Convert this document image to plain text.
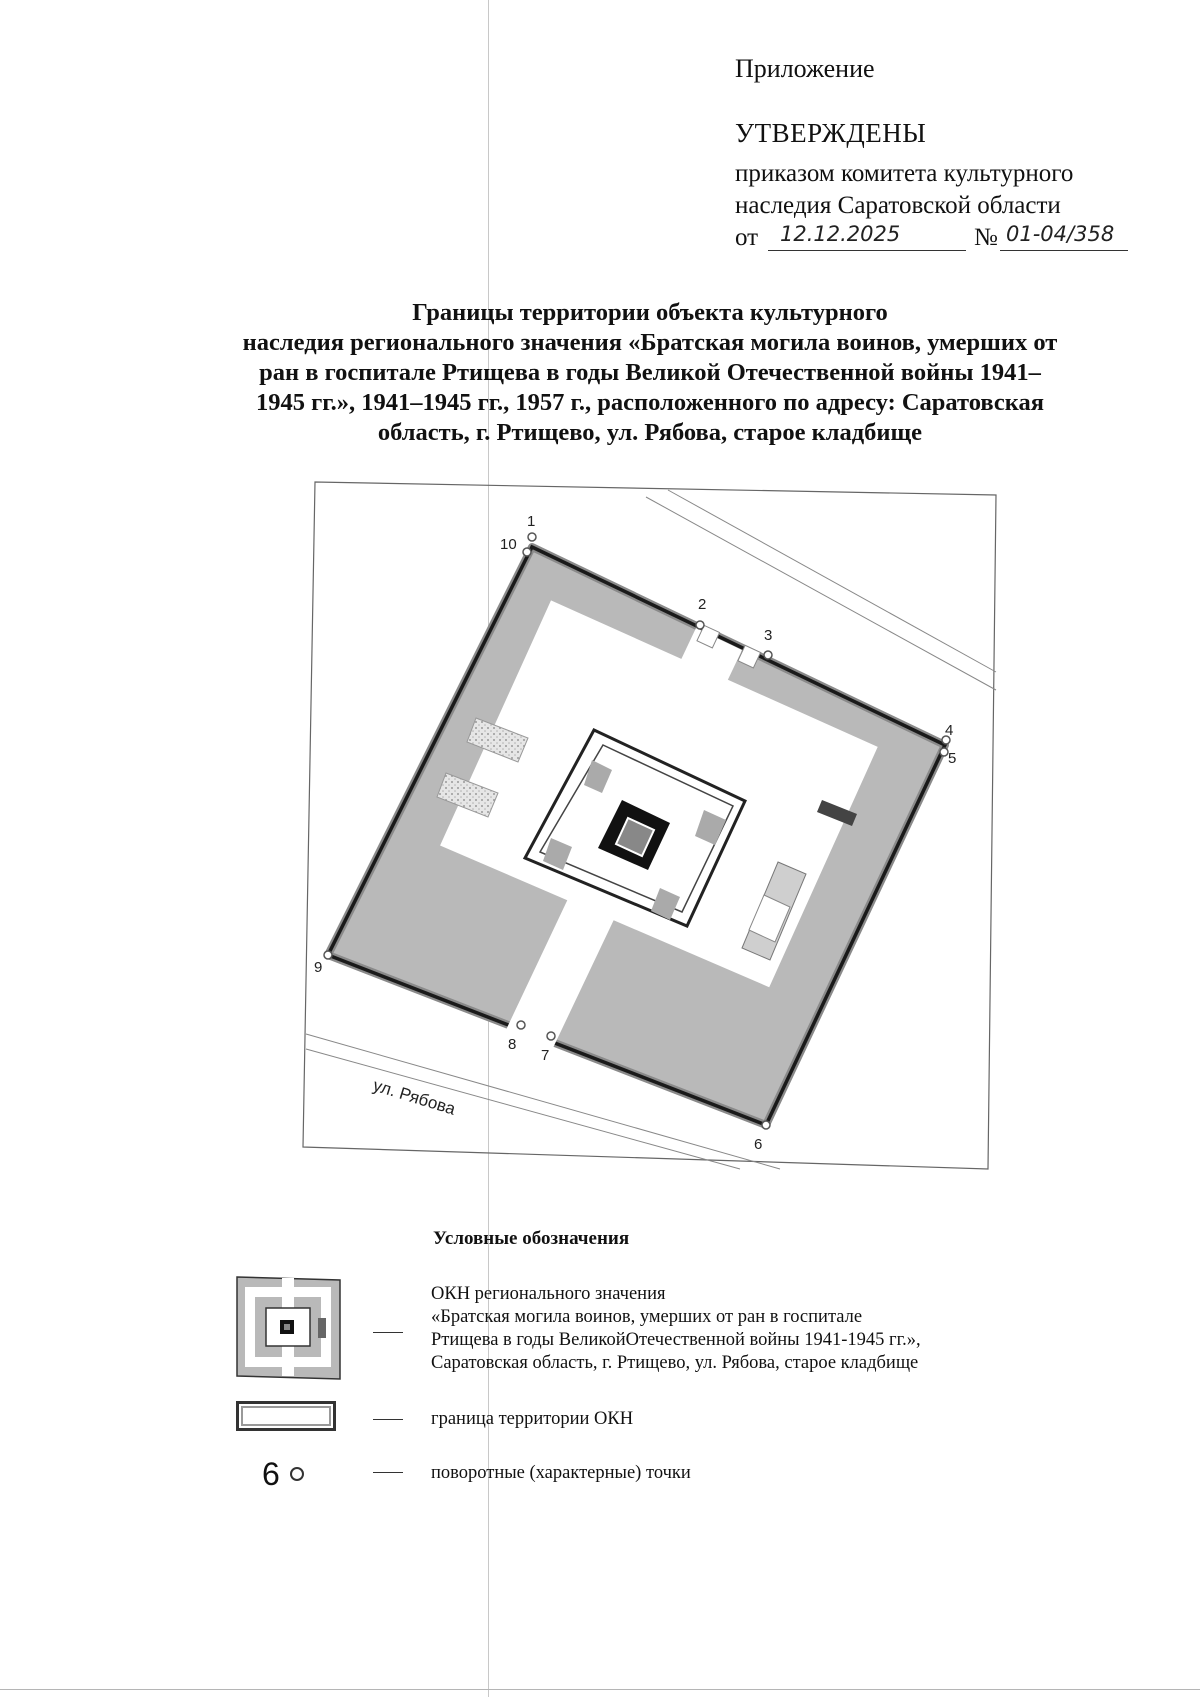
Приложение
УТВЕРЖДЕНЫ
приказом комитета культурного
наследия Саратовской области
от 12.12.2025	№ 01-04/358
Границы территории объекта культурного
наследия регионального значения «Братская могила воинов, умерших от
ран в госпитале Ртищева в годы Великой Отечественной войны 1941–
1945 гг.», 1941–1945 гг., 1957 г., расположенного по адресу: Саратовская
область, г. Ртищево, ул. Рябова, старое кладбище
1
2
3
4
5
6
7
8
9
10
ул. Рябова
Условные обозначения
ОКН регионального значения
«Братская могила воинов, умерших от ран в госпитале
Ртищева в годы ВеликойОтечественной войны 1941-1945 гг.»,
Саратовская область, г. Ртищево, ул. Рябова, старое кладбище
граница территории ОКН
6	поворотные (характерные) точки
